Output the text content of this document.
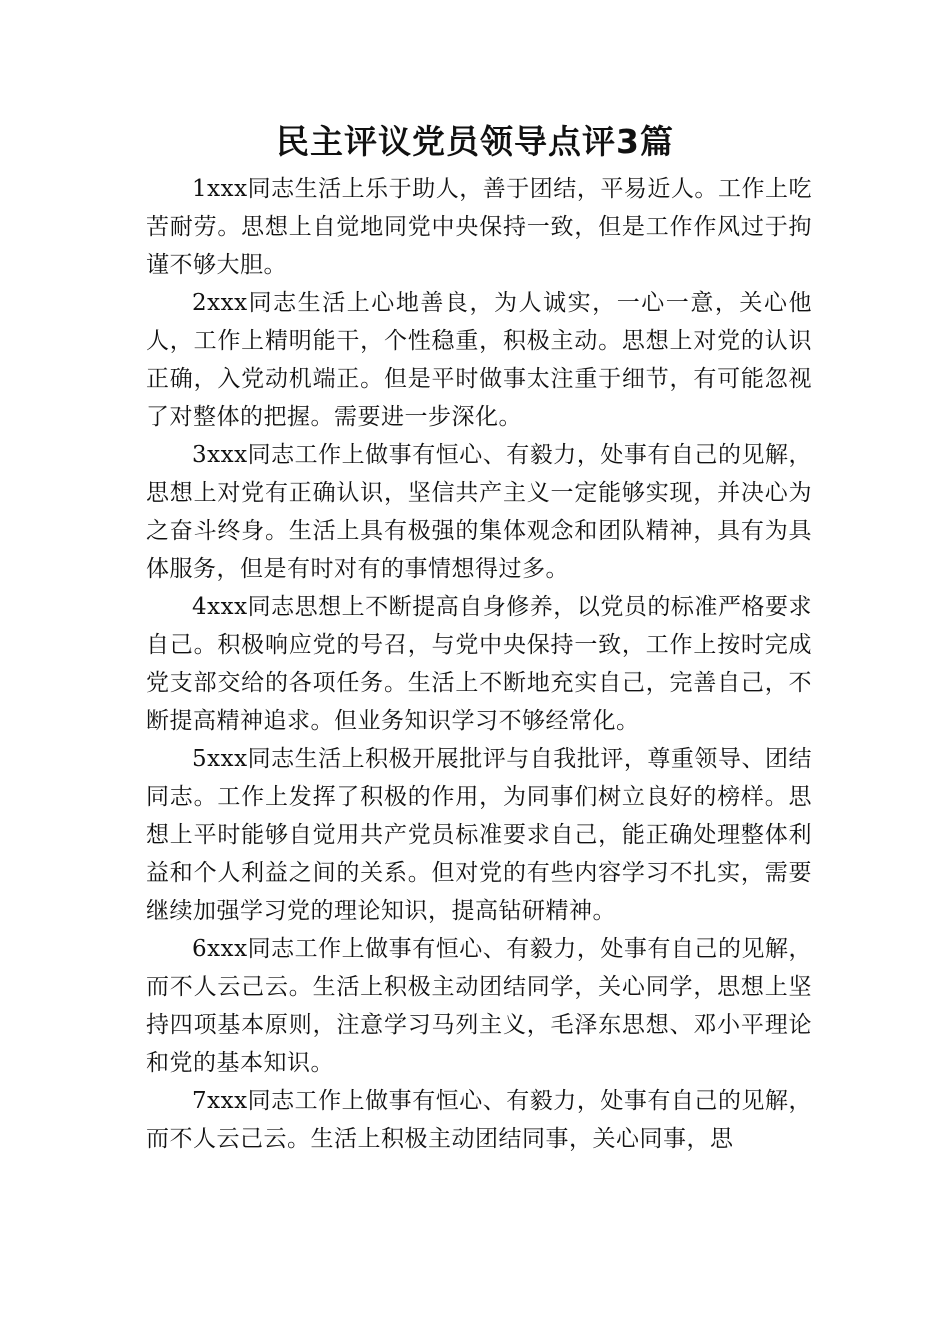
民主评议党员领导点评3篇

1xxx同志生活上乐于助人，善于团结，平易近人。工作上吃苦耐劳。思想上自觉地同党中央保持一致，但是工作作风过于拘谨不够大胆。

2xxx同志生活上心地善良，为人诚实，一心一意，关心他人，工作上精明能干，个性稳重，积极主动。思想上对党的认识正确，入党动机端正。但是平时做事太注重于细节，有可能忽视了对整体的把握。需要进一步深化。

3xxx同志工作上做事有恒心、有毅力，处事有自己的见解，思想上对党有正确认识，坚信共产主义一定能够实现，并决心为之奋斗终身。生活上具有极强的集体观念和团队精神，具有为具体服务，但是有时对有的事情想得过多。

4xxx同志思想上不断提高自身修养，以党员的标准严格要求自己。积极响应党的号召，与党中央保持一致，工作上按时完成党支部交给的各项任务。生活上不断地充实自己，完善自己，不断提高精神追求。但业务知识学习不够经常化。

5xxx同志生活上积极开展批评与自我批评，尊重领导、团结同志。工作上发挥了积极的作用，为同事们树立良好的榜样。思想上平时能够自觉用共产党员标准要求自己，能正确处理整体利益和个人利益之间的关系。但对党的有些内容学习不扎实，需要继续加强学习党的理论知识，提高钻研精神。

6xxx同志工作上做事有恒心、有毅力，处事有自己的见解，而不人云己云。生活上积极主动团结同学，关心同学，思想上坚持四项基本原则，注意学习马列主义，毛泽东思想、邓小平理论和党的基本知识。

7xxx同志工作上做事有恒心、有毅力，处事有自己的见解，而不人云己云。生活上积极主动团结同事，关心同事，思
